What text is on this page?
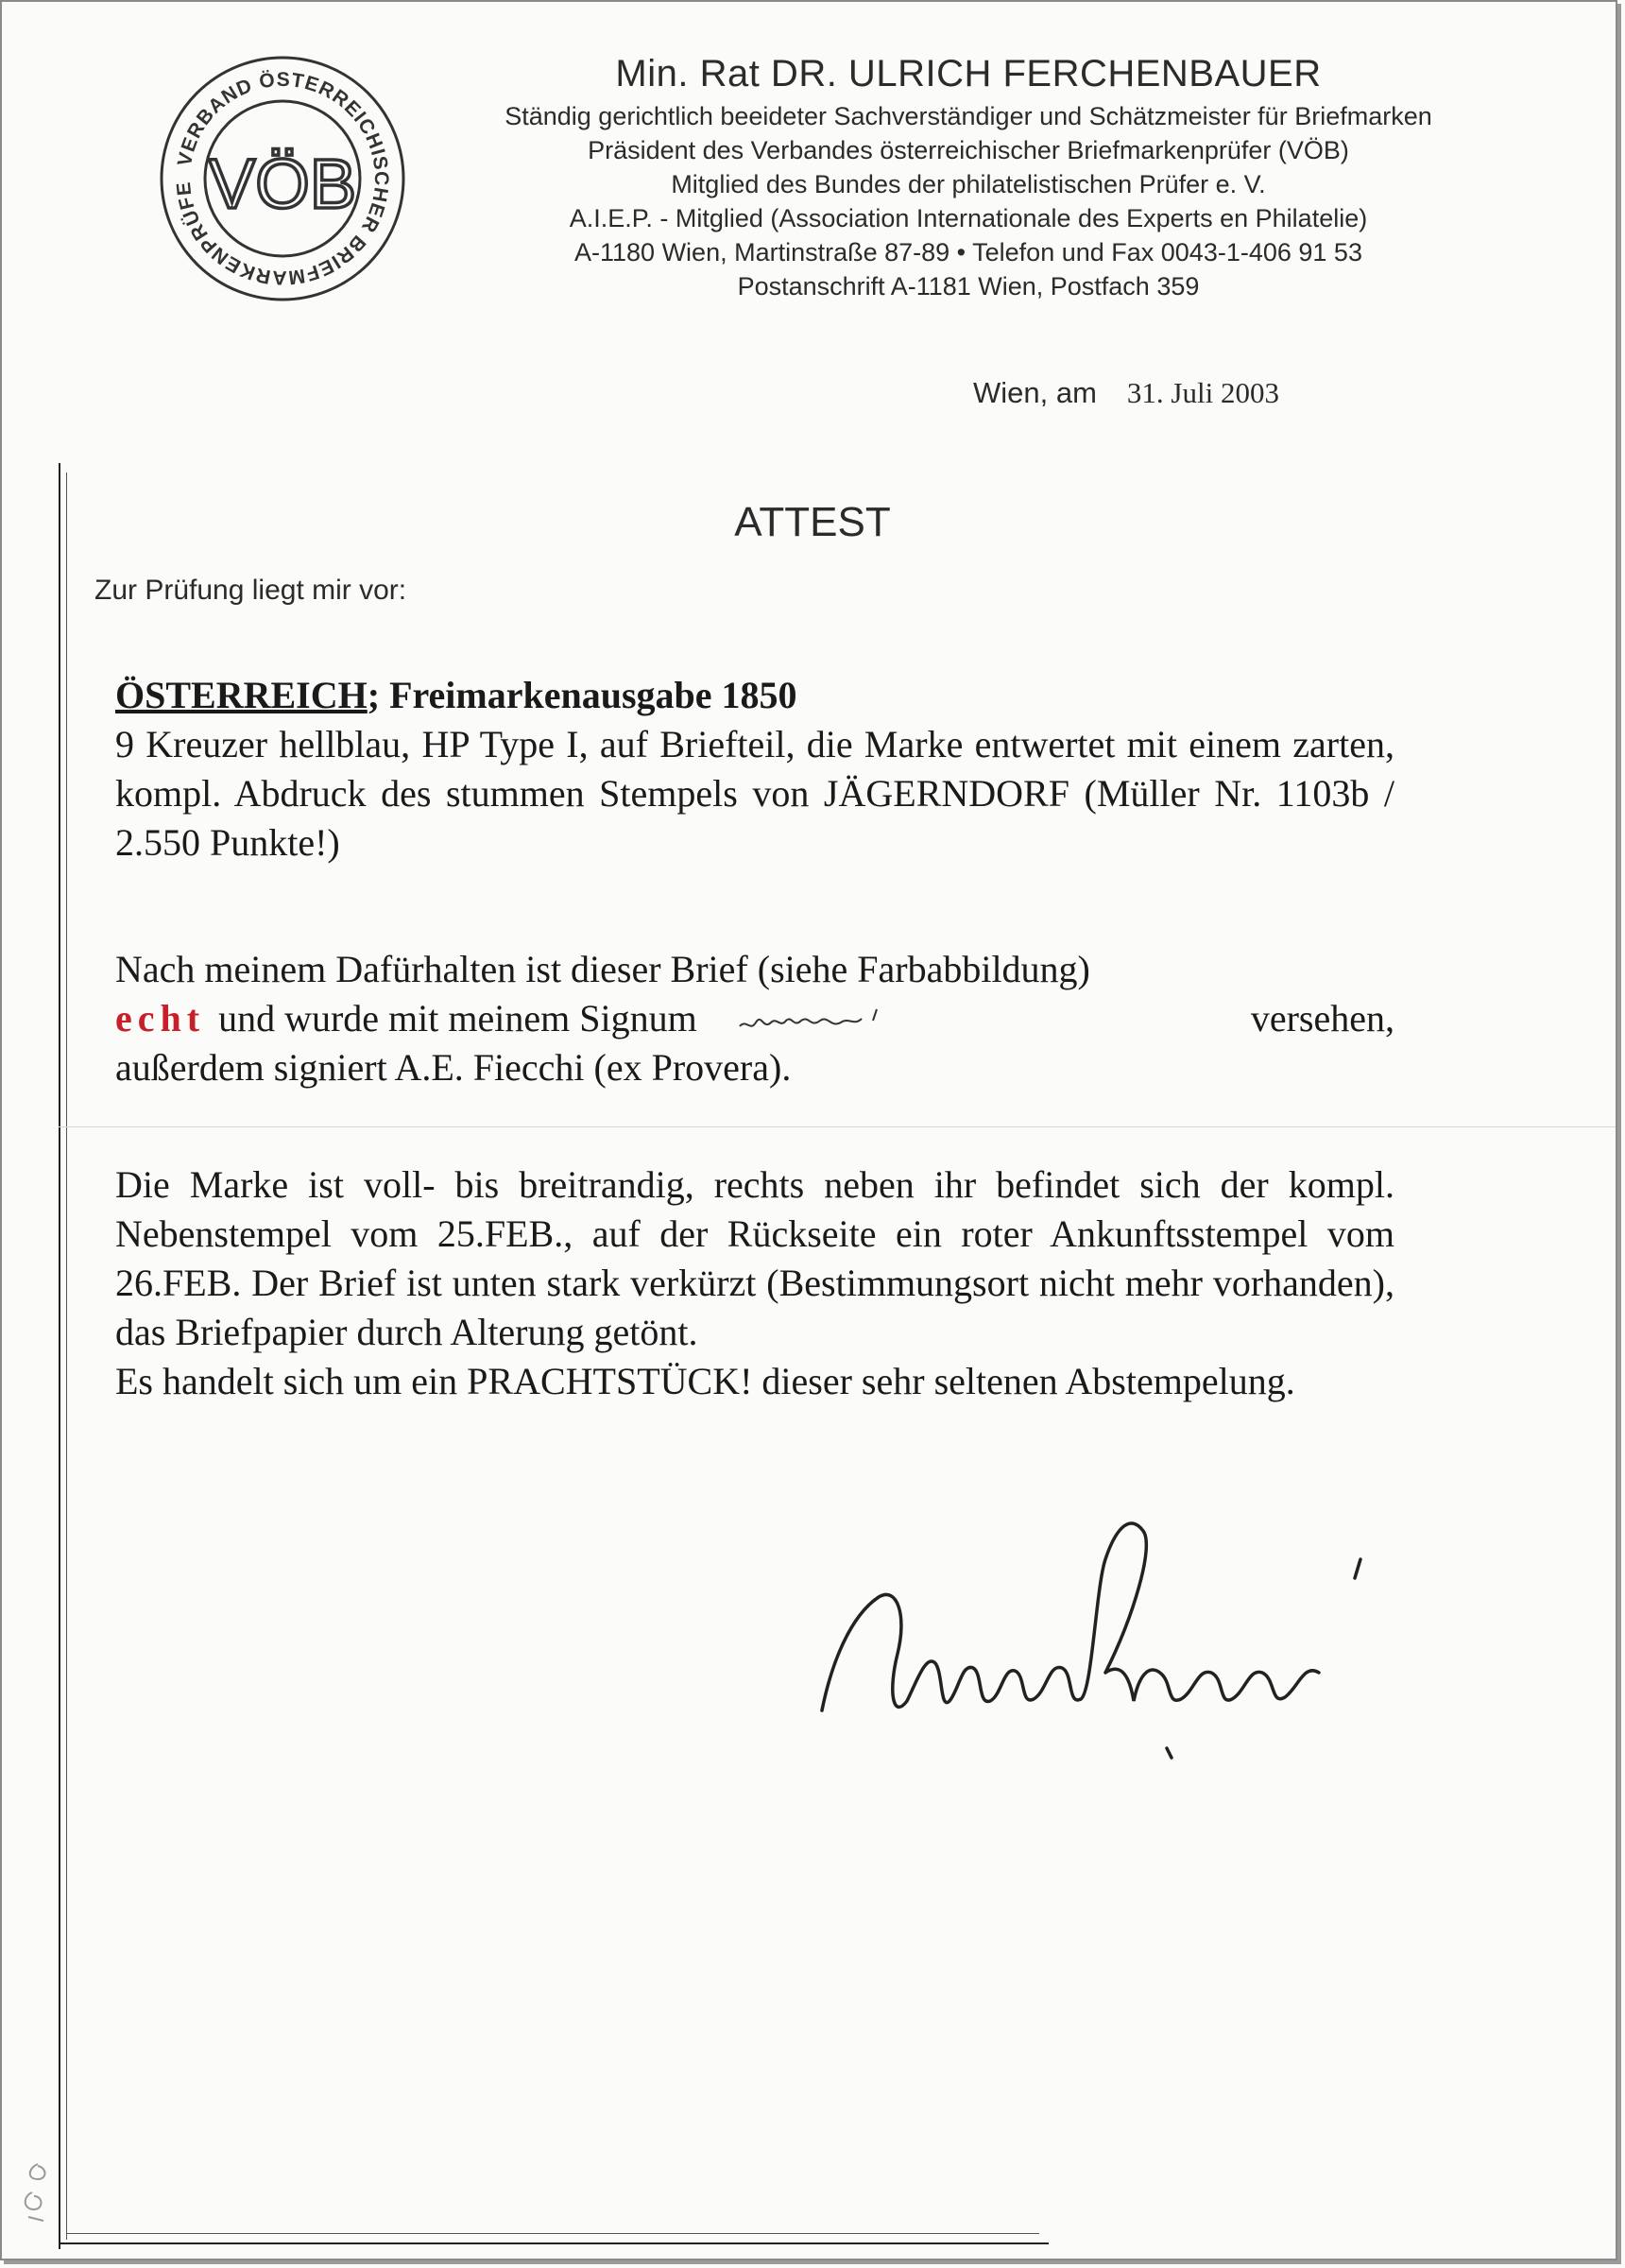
VERBAND ÖSTERREICHISCHER BRIEFMARKENPRÜFE VÖB
Min. Rat DR. ULRICH FERCHENBAUER
Ständig gerichtlich beeideter Sachverständiger und Schätzmeister für Briefmarken
Präsident des Verbandes österreichischer Briefmarkenprüfer (VÖB)
Mitglied des Bundes der philatelistischen Prüfer e. V.
A.I.E.P. - Mitglied (Association Internationale des Experts en Philatelie)
A-1180 Wien, Martinstraße 87-89 • Telefon und Fax 0043-1-406 91 53
Postanschrift A-1181 Wien, Postfach 359
Wien, am 31. Juli 2003
ATTEST
Zur Prüfung liegt mir vor:
ÖSTERREICH; Freimarkenausgabe 1850

9 Kreuzer hellblau, HP Type I, auf Briefteil, die Marke entwertet mit einem zarten, kompl. Abdruck des stummen Stempels von JÄGERNDORF (Müller Nr. 1103b / 2.550 Punkte!)

Nach meinem Dafürhalten ist dieser Brief (siehe Farbabbildung)

echt und wurde mit meinem Signum	versehen,

außerdem signiert A.E. Fiecchi (ex Provera).

Die Marke ist voll- bis breitrandig, rechts neben ihr befindet sich der kompl. Nebenstempel vom 25.FEB., auf der Rückseite ein roter Ankunftsstempel vom 26.FEB. Der Brief ist unten stark verkürzt (Bestimmungsort nicht mehr vorhanden), das Briefpapier durch Alterung getönt.

Es handelt sich um ein PRACHTSTÜCK! dieser sehr seltenen Abstempelung.
